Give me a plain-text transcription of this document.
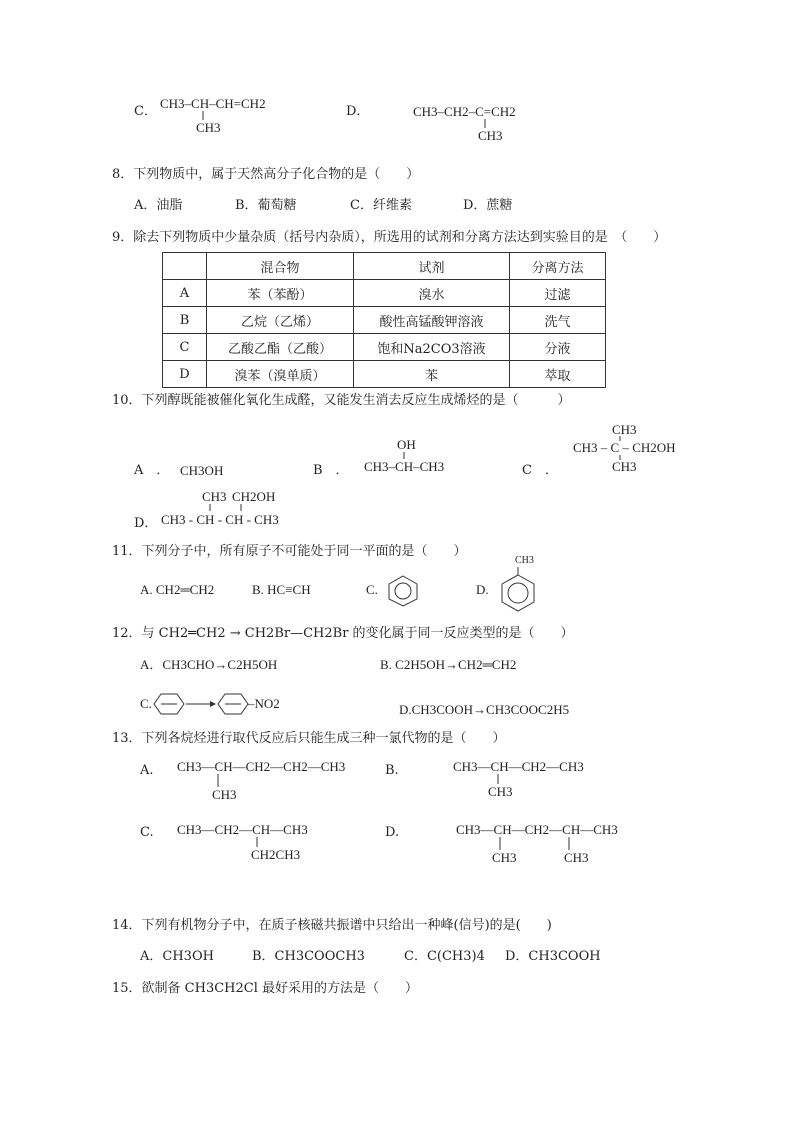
C．
CH3–CH–CH=CH2
CH3
D．	CH3–CH2–C=CH2
CH3
8．下列物质中，属于天然高分子化合物的是（　　）
A．油脂	B．葡萄糖	C．纤维素	D．蔗糖
9．除去下列物质中少量杂质（括号内杂质），所选用的试剂和分离方法达到实验目的是　（　　）
	混合物	试剂	分离方法
A	苯（苯酚）	溴水	过滤
B	乙烷（乙烯）	酸性高锰酸钾溶液	洗气
C	乙酸乙酯（乙酸）	饱和Na2CO3溶液	分液
D	溴苯（溴单质）	苯	萃取
10．下列醇既能被催化氧化生成醛，又能发生消去反应生成烯烃的是（　　　）
A　． CH3OH	B　．
OH
CH3–CH–CH3	C　．
CH3
CH3 – C – CH2OH
CH3
D．
CH3 CH2OH
CH3 - CH - CH - CH3
11．下列分子中，所有原子不可能处于同一平面的是（　　）
A. CH2═CH2	B. HC≡CH	C.	D.
CH3
12．与 CH2═CH2 → CH2Br—CH2Br 的变化属于同一反应类型的是（　　）
A．CH3CHO→C2H5OH	B. C2H5OH→CH2═CH2
C.	–NO2	D.CH3COOH→CH3COOC2H5
13．下列各烷烃进行取代反应后只能生成三种一氯代物的是（　　）
A. CH3—CH—CH2—CH2—CH3
CH3
B.	CH3—CH—CH2—CH3
CH3
C. CH3—CH2—CH—CH3
CH2CH3
D.	CH3—CH—CH2—CH—CH3
CH3	CH3
14．下列有机物分子中，在质子核磁共振谱中只给出一种峰(信号)的是(　　)
A．CH3OH	B．CH3COOCH3	C．C(CH3)4 D．CH3COOH
15．欲制备 CH3CH2Cl 最好采用的方法是（　　）
